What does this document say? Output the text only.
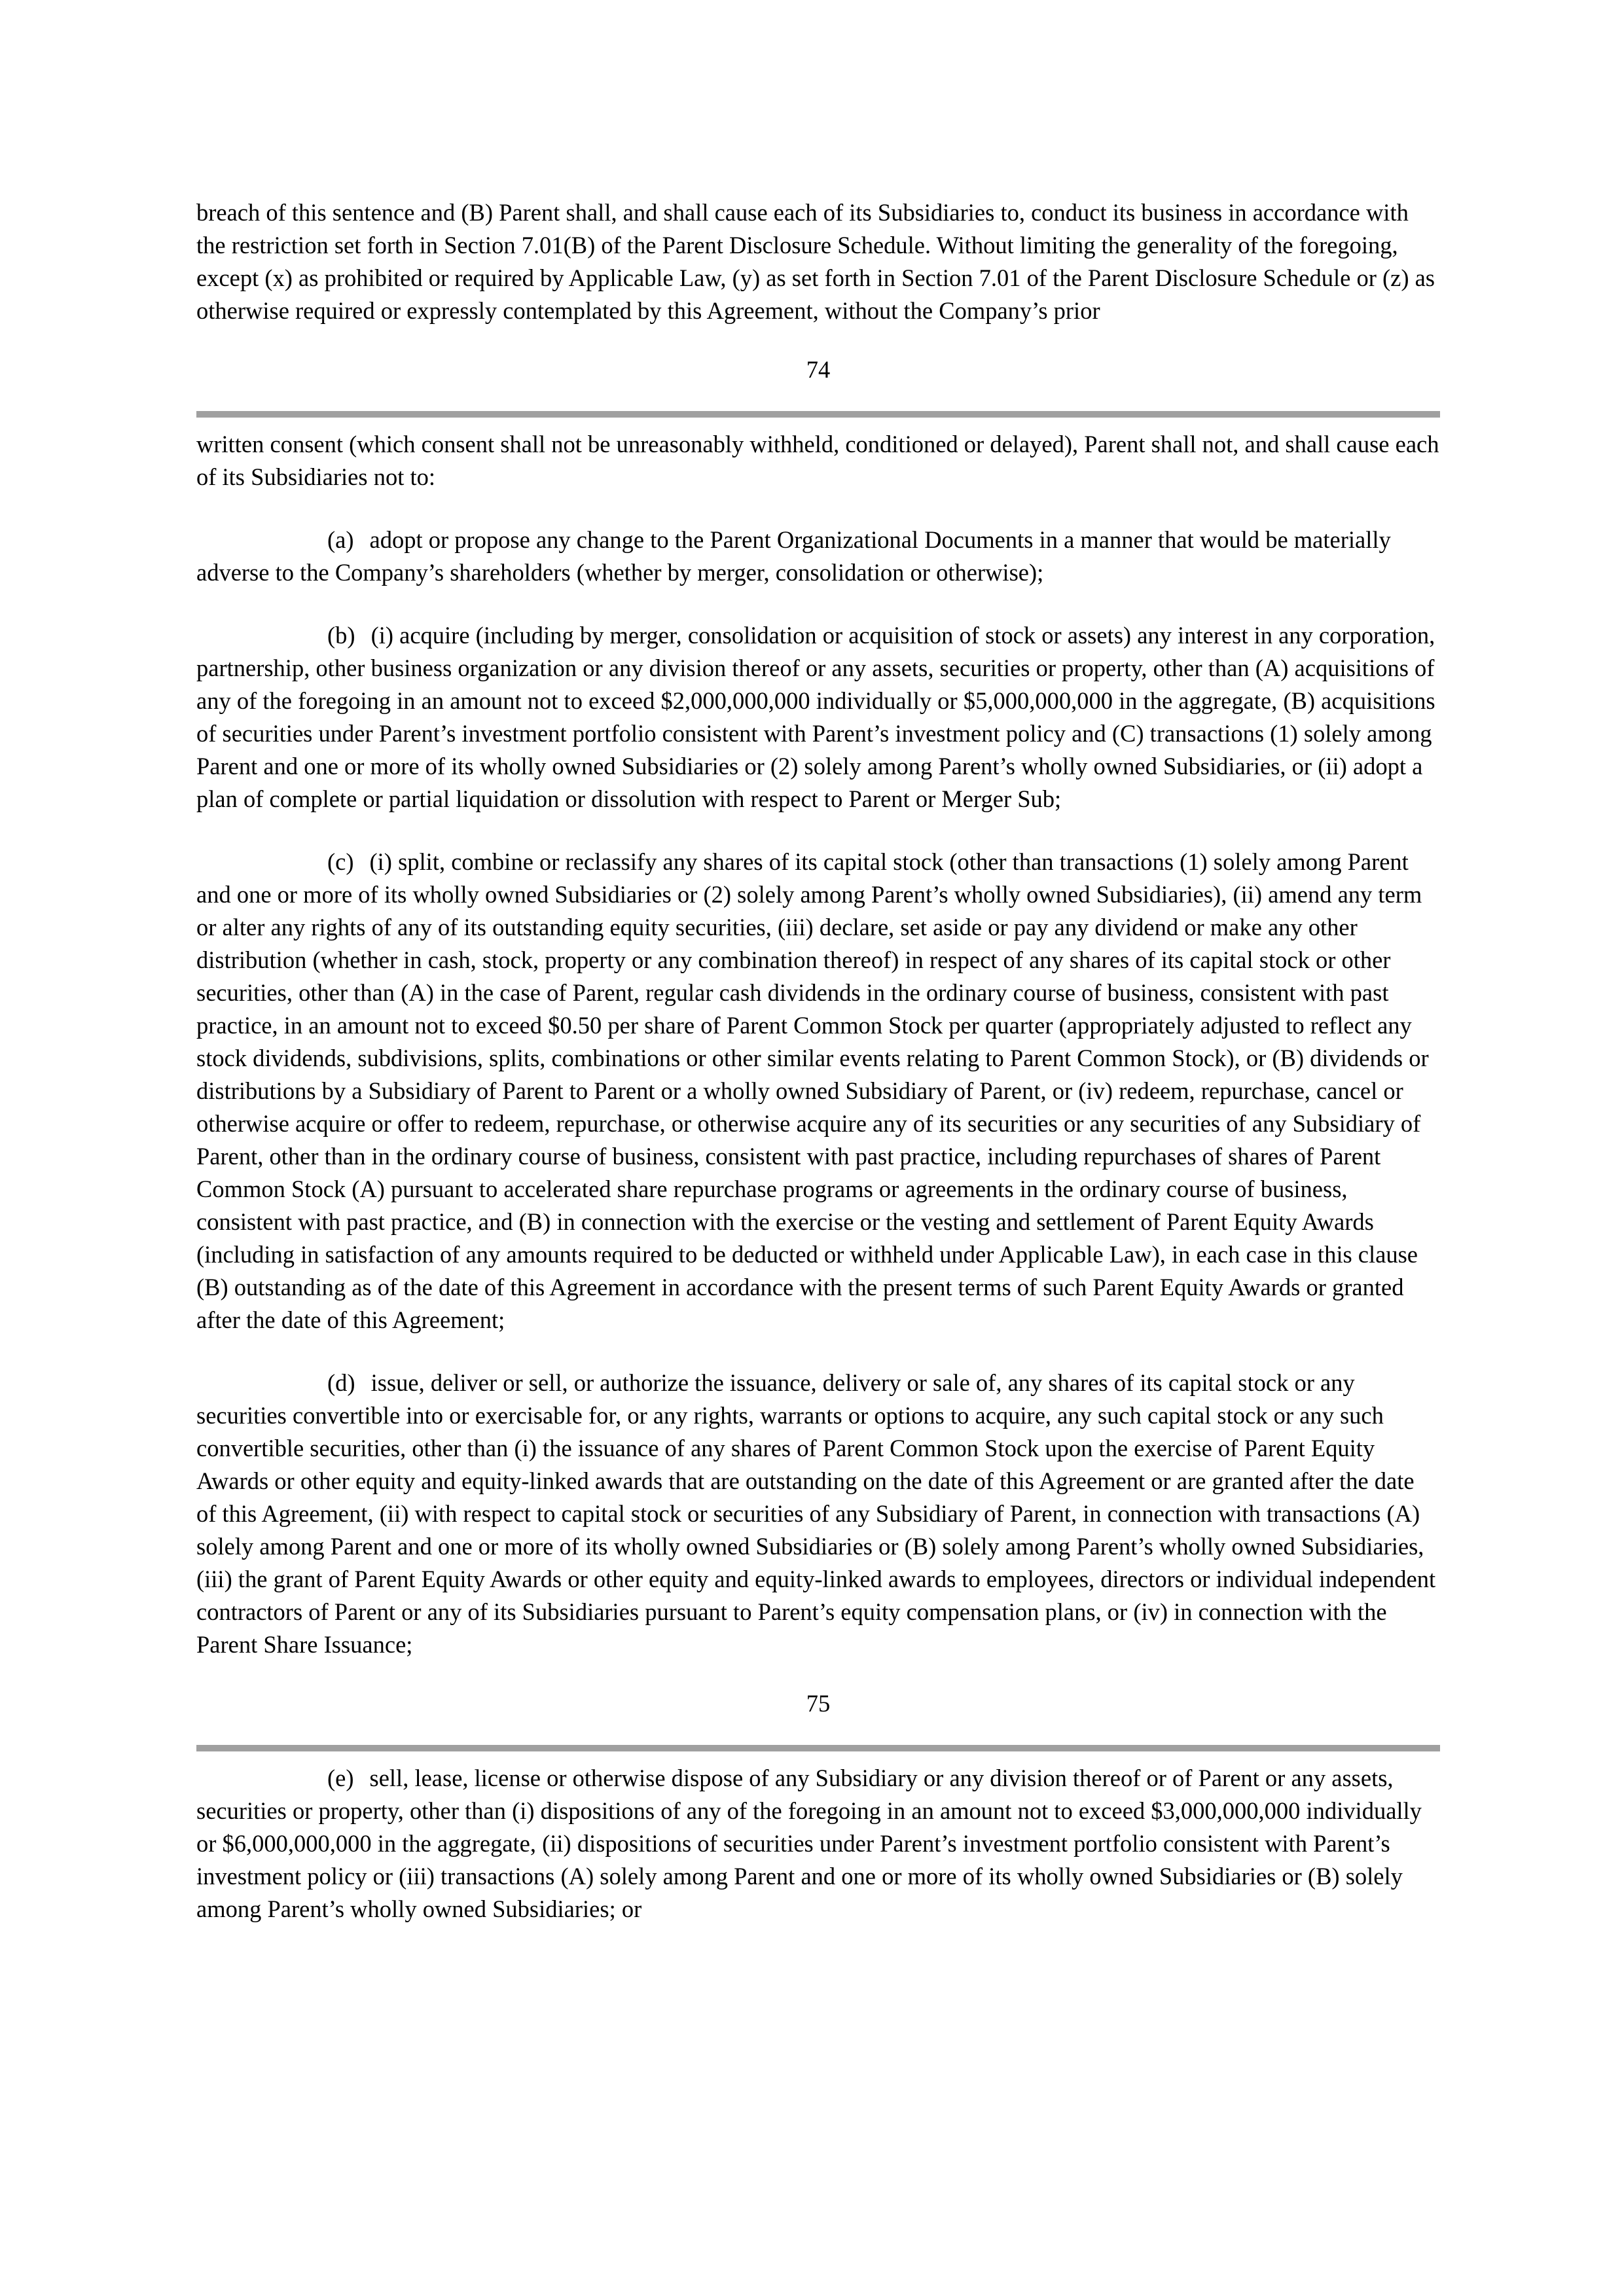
breach of this sentence and (B) Parent shall, and shall cause each of its Subsidiaries to, conduct its business in accordance with the restriction set forth in Section 7.01(B) of the Parent Disclosure Schedule. Without limiting the generality of the foregoing, except (x) as prohibited or required by Applicable Law, (y) as set forth in Section 7.01 of the Parent Disclosure Schedule or (z) as otherwise required or expressly contemplated by this Agreement, without the Company’s prior

74

written consent (which consent shall not be unreasonably withheld, conditioned or delayed), Parent shall not, and shall cause each of its Subsidiaries not to:

(a) adopt or propose any change to the Parent Organizational Documents in a manner that would be materially adverse to the Company’s shareholders (whether by merger, consolidation or otherwise);

(b) (i) acquire (including by merger, consolidation or acquisition of stock or assets) any interest in any corporation, partnership, other business organization or any division thereof or any assets, securities or property, other than (A) acquisitions of any of the foregoing in an amount not to exceed $2,000,000,000 individually or $5,000,000,000 in the aggregate, (B) acquisitions of securities under Parent’s investment portfolio consistent with Parent’s investment policy and (C) transactions (1) solely among Parent and one or more of its wholly owned Subsidiaries or (2) solely among Parent’s wholly owned Subsidiaries, or (ii) adopt a plan of complete or partial liquidation or dissolution with respect to Parent or Merger Sub;

(c) (i) split, combine or reclassify any shares of its capital stock (other than transactions (1) solely among Parent and one or more of its wholly owned Subsidiaries or (2) solely among Parent’s wholly owned Subsidiaries), (ii) amend any term or alter any rights of any of its outstanding equity securities, (iii) declare, set aside or pay any dividend or make any other distribution (whether in cash, stock, property or any combination thereof) in respect of any shares of its capital stock or other securities, other than (A) in the case of Parent, regular cash dividends in the ordinary course of business, consistent with past practice, in an amount not to exceed $0.50 per share of Parent Common Stock per quarter (appropriately adjusted to reflect any stock dividends, subdivisions, splits, combinations or other similar events relating to Parent Common Stock), or (B) dividends or distributions by a Subsidiary of Parent to Parent or a wholly owned Subsidiary of Parent, or (iv) redeem, repurchase, cancel or otherwise acquire or offer to redeem, repurchase, or otherwise acquire any of its securities or any securities of any Subsidiary of Parent, other than in the ordinary course of business, consistent with past practice, including repurchases of shares of Parent Common Stock (A) pursuant to accelerated share repurchase programs or agreements in the ordinary course of business, consistent with past practice, and (B) in connection with the exercise or the vesting and settlement of Parent Equity Awards (including in satisfaction of any amounts required to be deducted or withheld under Applicable Law), in each case in this clause (B) outstanding as of the date of this Agreement in accordance with the present terms of such Parent Equity Awards or granted after the date of this Agreement;

(d) issue, deliver or sell, or authorize the issuance, delivery or sale of, any shares of its capital stock or any securities convertible into or exercisable for, or any rights, warrants or options to acquire, any such capital stock or any such convertible securities, other than (i) the issuance of any shares of Parent Common Stock upon the exercise of Parent Equity Awards or other equity and equity-linked awards that are outstanding on the date of this Agreement or are granted after the date of this Agreement, (ii) with respect to capital stock or securities of any Subsidiary of Parent, in connection with transactions (A) solely among Parent and one or more of its wholly owned Subsidiaries or (B) solely among Parent’s wholly owned Subsidiaries, (iii) the grant of Parent Equity Awards or other equity and equity-linked awards to employees, directors or individual independent contractors of Parent or any of its Subsidiaries pursuant to Parent’s equity compensation plans, or (iv) in connection with the Parent Share Issuance;

75

(e) sell, lease, license or otherwise dispose of any Subsidiary or any division thereof or of Parent or any assets, securities or property, other than (i) dispositions of any of the foregoing in an amount not to exceed $3,000,000,000 individually or $6,000,000,000 in the aggregate, (ii) dispositions of securities under Parent’s investment portfolio consistent with Parent’s investment policy or (iii) transactions (A) solely among Parent and one or more of its wholly owned Subsidiaries or (B) solely among Parent’s wholly owned Subsidiaries; or
